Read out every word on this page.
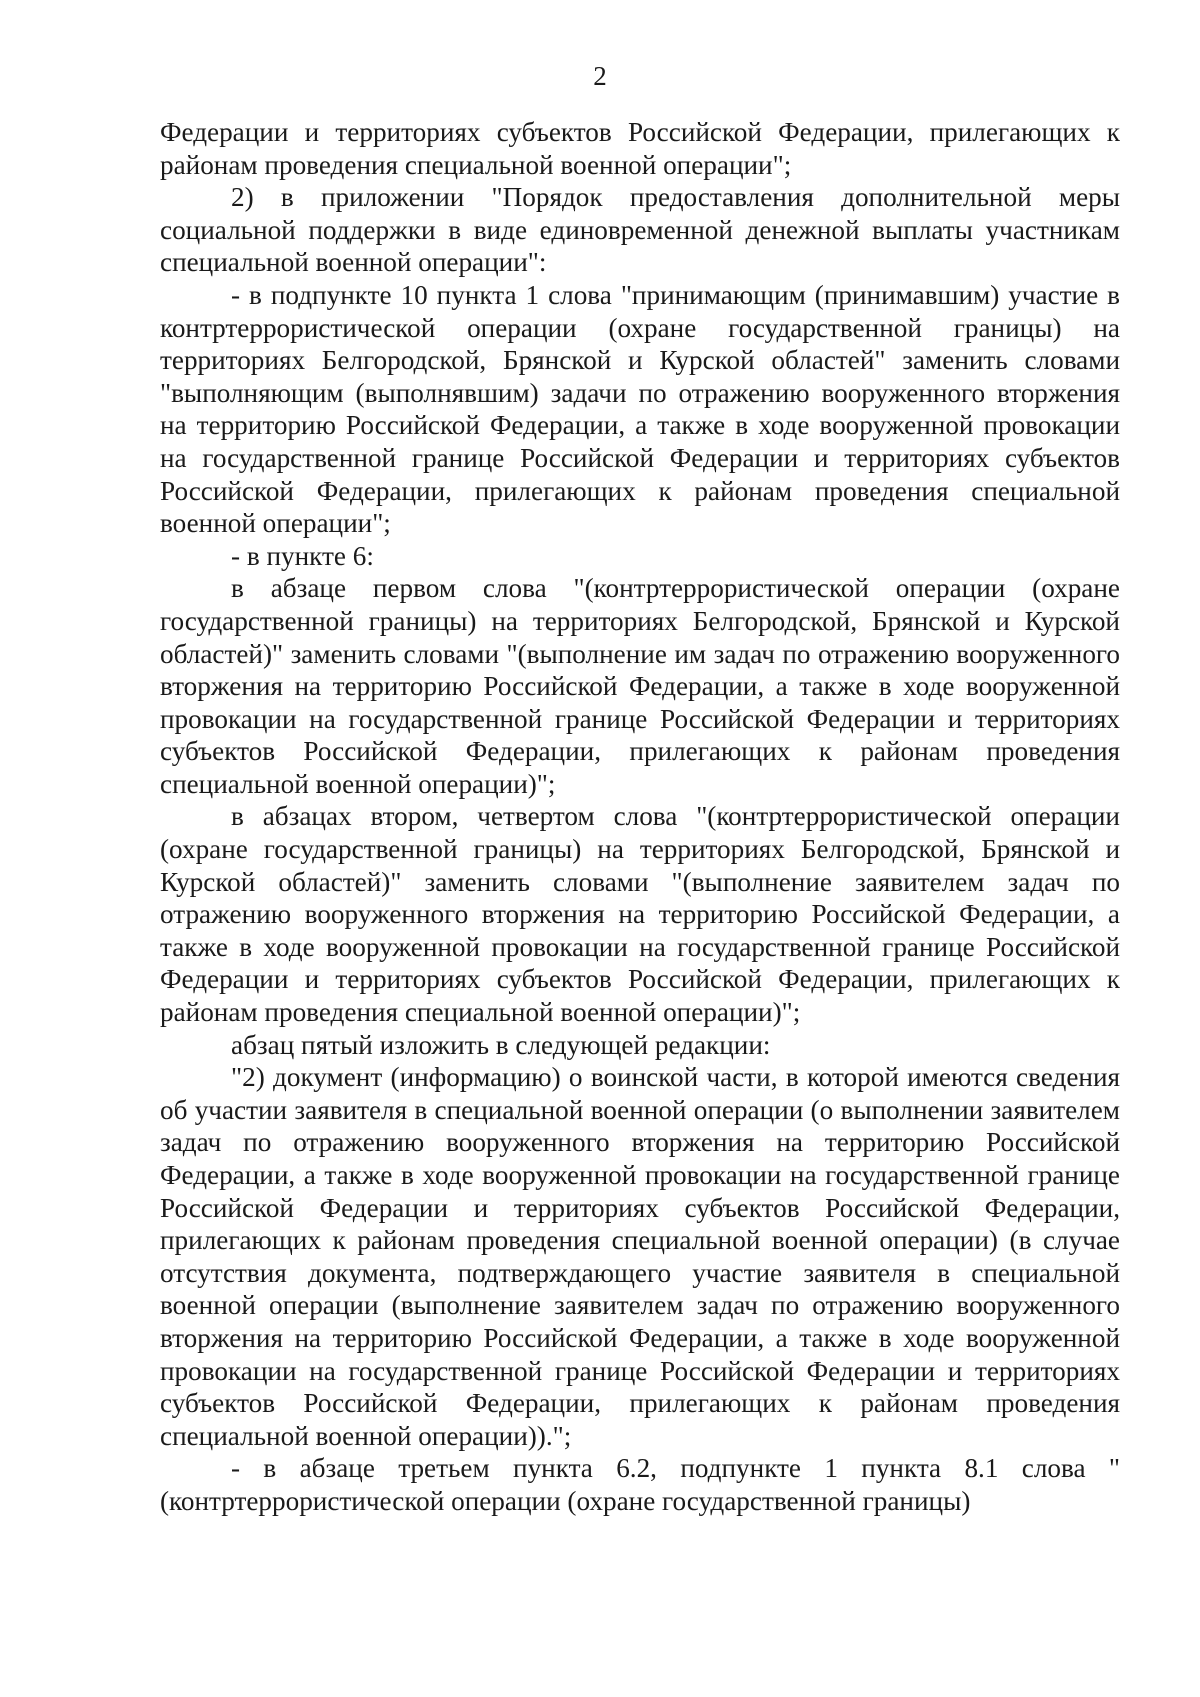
2

Федерации и территориях субъектов Российской Федерации, прилегающих к районам проведения специальной военной операции";

2) в приложении "Порядок предоставления дополнительной меры социальной поддержки в виде единовременной денежной выплаты участникам специальной военной операции":

- в подпункте 10 пункта 1 слова "принимающим (принимавшим) участие в контртеррористической операции (охране государственной границы) на территориях Белгородской, Брянской и Курской областей" заменить словами "выполняющим (выполнявшим) задачи по отражению вооруженного вторжения на территорию Российской Федерации, а также в ходе вооруженной провокации на государственной границе Российской Федерации и территориях субъектов Российской Федерации, прилегающих к районам проведения специальной военной операции";

- в пункте 6:

в абзаце первом слова "(контртеррористической операции (охране государственной границы) на территориях Белгородской, Брянской и Курской областей)" заменить словами "(выполнение им задач по отражению вооруженного вторжения на территорию Российской Федерации, а также в ходе вооруженной провокации на государственной границе Российской Федерации и территориях субъектов Российской Федерации, прилегающих к районам проведения специальной военной операции)";

в абзацах втором, четвертом слова "(контртеррористической операции (охране государственной границы) на территориях Белгородской, Брянской и Курской областей)" заменить словами "(выполнение заявителем задач по отражению вооруженного вторжения на территорию Российской Федерации, а также в ходе вооруженной провокации на государственной границе Российской Федерации и территориях субъектов Российской Федерации, прилегающих к районам проведения специальной военной операции)";

абзац пятый изложить в следующей редакции:

"2) документ (информацию) о воинской части, в которой имеются сведения об участии заявителя в специальной военной операции (о выполнении заявителем задач по отражению вооруженного вторжения на территорию Российской Федерации, а также в ходе вооруженной провокации на государственной границе Российской Федерации и территориях субъектов Российской Федерации, прилегающих к районам проведения специальной военной операции) (в случае отсутствия документа, подтверждающего участие заявителя в специальной военной операции (выполнение заявителем задач по отражению вооруженного вторжения на территорию Российской Федерации, а также в ходе вооруженной провокации на государственной границе Российской Федерации и территориях субъектов Российской Федерации, прилегающих к районам проведения специальной военной операции)).";

- в абзаце третьем пункта 6.2, подпункте 1 пункта 8.1 слова "(контртеррористической операции (охране государственной границы)
